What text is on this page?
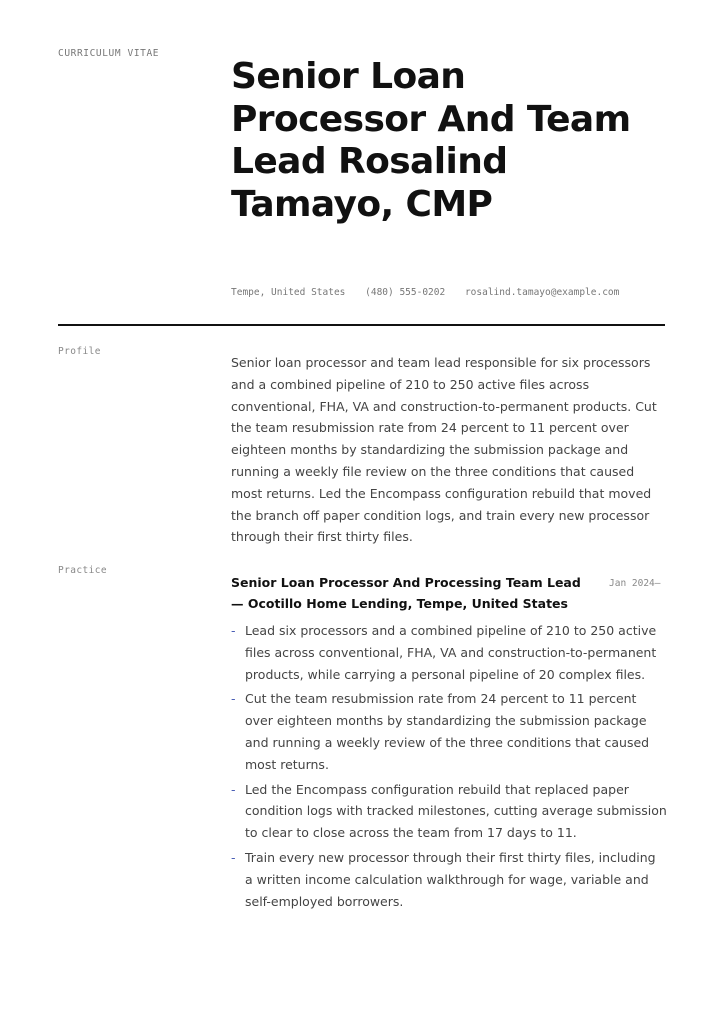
CURRICULUM VITAE
Senior Loan Processor And Team Lead Rosalind Tamayo, CMP
Tempe, United States (480) 555-0202 rosalind.tamayo@example.com
Profile

Senior loan processor and team lead responsible for six processors and a combined pipeline of 210 to 250 active files across conventional, FHA, VA and construction-to-permanent products. Cut the team resubmission rate from 24 percent to 11 percent over eighteen months by standardizing the submission package and running a weekly file review on the three conditions that caused most returns. Led the Encompass configuration rebuild that moved the branch off paper condition logs, and train every new processor through their first thirty files.

Practice
Senior Loan Processor And Processing Team Lead — Ocotillo Home Lending, Tempe, United States
Jan 2024–
- Lead six processors and a combined pipeline of 210 to 250 active files across conventional, FHA, VA and construction-to-permanent products, while carrying a personal pipeline of 20 complex files.
- Cut the team resubmission rate from 24 percent to 11 percent over eighteen months by standardizing the submission package and running a weekly review of the three conditions that caused most returns.
- Led the Encompass configuration rebuild that replaced paper condition logs with tracked milestones, cutting average submission to clear to close across the team from 17 days to 11.
- Train every new processor through their first thirty files, including a written income calculation walkthrough for wage, variable and self-employed borrowers.
